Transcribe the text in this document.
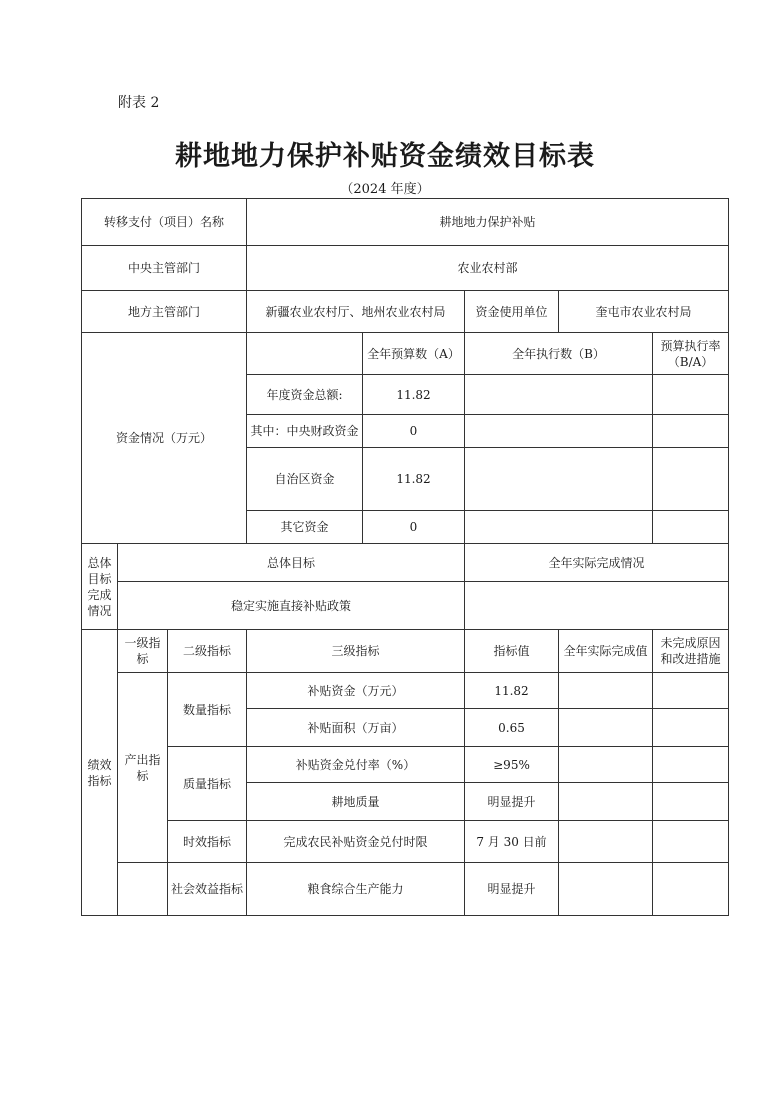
附表 2
耕地地力保护补贴资金绩效目标表
（2024 年度）
转移支付（项目）名称			耕地地力保护补贴				
中央主管部门			农业农村部				
地方主管部门			新疆农业农村厅、地州农业农村局		资金使用单位	奎屯市农业农村局	
资金情况（万元）				全年预算数（A）	全年执行数（B）		预算执行率（B/A）
			年度资金总额:	11.82			
			其中：中央财政资金	0			
			自治区资金	11.82			
			其它资金	0			
总体目标完成情况	总体目标				全年实际完成情况		
	稳定实施直接补贴政策						
绩效指标	一级指标	二级指标	三级指标		指标值	全年实际完成值	未完成原因和改进措施
	产出指标	数量指标	补贴资金（万元）		11.82		
			补贴面积（万亩）		0.65		
		质量指标	补贴资金兑付率（%）		≥95%		
			耕地质量		明显提升		
		时效指标	完成农民补贴资金兑付时限		7 月 30 日前		
		社会效益指标	粮食综合生产能力		明显提升		
